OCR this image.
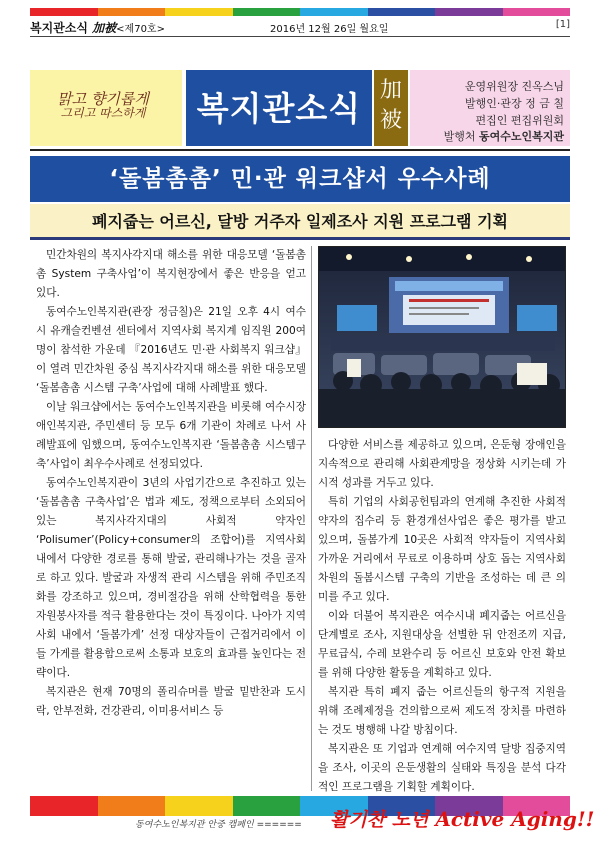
복지관소식 加被<제70호>	2016년 12월 26일 월요일	[1]
맑고 향기롭게
그리고 따스하게	복지관소식 加
被
운영위원장 진옥스님
발행인·관장 정 금 칠
편집인 편집위원회
발행처 동여수노인복지관
‘돌봄촘촘’ 민·관 워크샵서 우수사례
폐지줍는 어르신, 달방 거주자 일제조사 지원 프로그램 기획

민간차원의 복지사각지대 해소를 위한 대응모델 ‘돌봄촘촘 System 구축사업’이 복지현장에서 좋은 반응을 얻고 있다.

동여수노인복지관(관장 정금칠)은 21일 오후 4시 여수시 유캐슬컨벤션 센터에서 지역사회 복지계 임직원 200여명이 참석한 가운데 『2016년도 민·관 사회복지 워크샵』이 열려 민간차원 중심 복지사각지대 해소를 위한 대응모델 ‘돌봄촘촘 시스템 구축’사업에 대해 사례발표 했다.

이날 워크샵에서는 동여수노인복지관을 비롯해 여수시장애인복지관, 주민센터 등 모두 6개 기관이 차례로 나서 사례발표에 임했으며, 동여수노인복지관 ‘돌봄촘촘 시스템구축’사업이 최우수사례로 선정되었다.

동여수노인복지관이 3년의 사업기간으로 추진하고 있는 ‘돌봄촘촘 구축사업’은 법과 제도, 정책으로부터 소외되어 있는 복지사각지대의 사회적 약자인 ‘Polisumer’(Policy+consumer의 조합어)를 지역사회 내에서 다양한 경로를 통해 발굴, 관리해나가는 것을 골자로 하고 있다. 발굴과 자생적 관리 시스템을 위해 주민조직화를 강조하고 있으며, 경비절감을 위해 산학협력을 통한 자원봉사자를 적극 활용한다는 것이 특징이다. 나아가 지역사회 내에서 ‘돌봄가게’ 선정 대상자들이 근접거리에서 이들 가게를 활용함으로써 소통과 보호의 효과를 높인다는 전략이다.

복지관은 현재 70명의 폴리슈머를 발굴 밑반찬과 도시락, 안부전화, 건강관리, 이미용서비스 등

다양한 서비스를 제공하고 있으며, 은둔형 장애인을 지속적으로 관리해 사회관계망을 정상화 시키는데 가시적 성과를 거두고 있다.

특히 기업의 사회공헌팀과의 연계해 추진한 사회적 약자의 집수리 등 환경개선사업은 좋은 평가를 받고 있으며, 돌봄가게 10곳은 사회적 약자들이 지역사회 가까운 거리에서 무료로 이용하며 상호 돕는 지역사회 차원의 돌봄시스템 구축의 기반을 조성하는 데 큰 의미를 주고 있다.

이와 더불어 복지관은 여수시내 폐지줍는 어르신을 단계별로 조사, 지원대상을 선별한 뒤 안전조끼 지급, 무료급식, 수레 보완수리 등 어르신 보호와 안전 확보를 위해 다양한 활동을 계획하고 있다.

복지관 특히 폐지 줍는 어르신들의 항구적 지원을 위해 조례제정을 건의함으로써 제도적 장치를 마련하는 것도 병행해 나갈 방침이다.

복지관은 또 기업과 연계해 여수지역 달방 집중지역을 조사, 이곳의 은둔생활의 실태와 특징을 분석 다각적인 프로그램을 기획할 계획이다.

동여수노인복지관 안중 캠페인 ====== 활기찬 노년 Active Aging!!
